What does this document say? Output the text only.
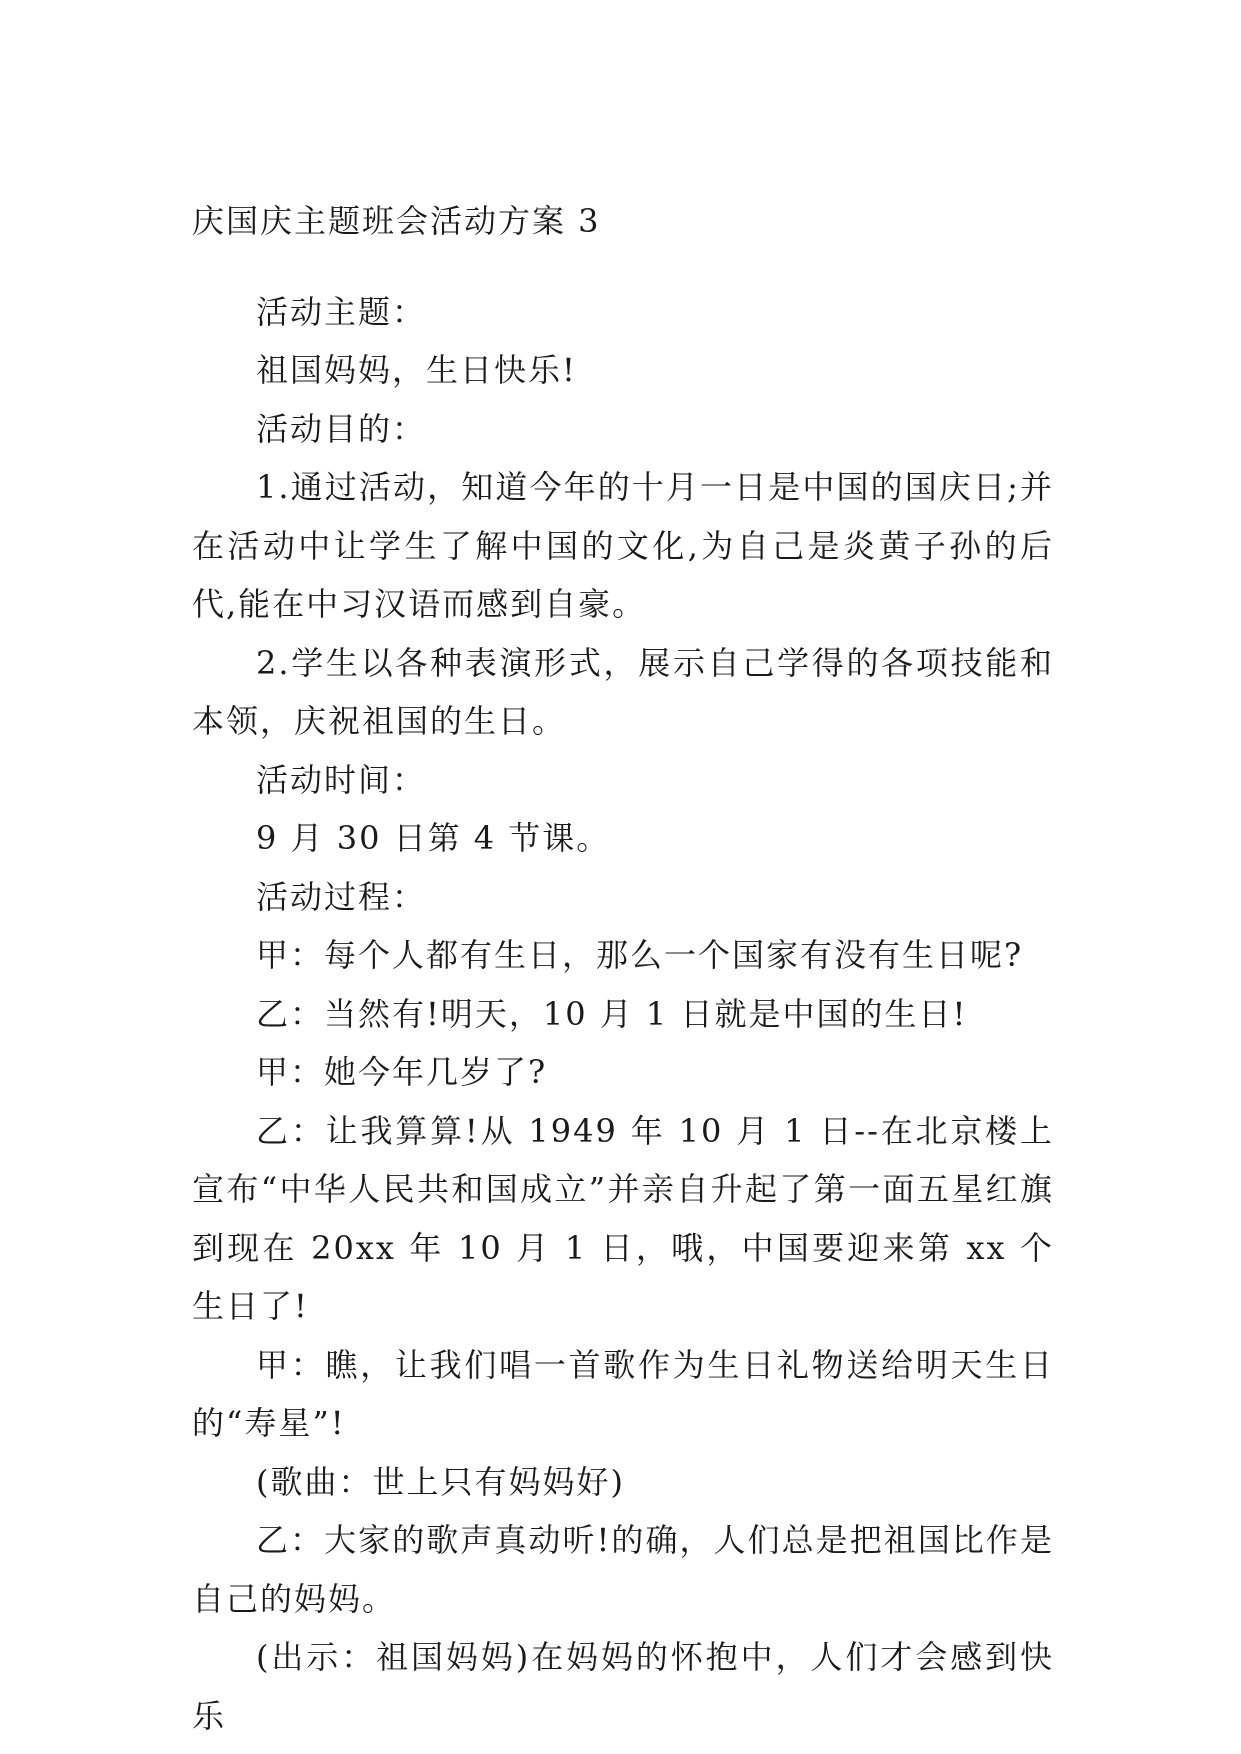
庆国庆主题班会活动方案 3

活动主题：

祖国妈妈，生日快乐!

活动目的：

1.通过活动，知道今年的十月一日是中国的国庆日;并在活动中让学生了解中国的文化,为自己是炎黄子孙的后代,能在中习汉语而感到自豪。

2.学生以各种表演形式，展示自己学得的各项技能和本领，庆祝祖国的生日。

活动时间：

9 月 30 日第 4 节课。

活动过程：

甲：每个人都有生日，那么一个国家有没有生日呢?

乙：当然有!明天，10 月 1 日就是中国的生日!

甲：她今年几岁了?

乙：让我算算!从 1949 年 10 月 1 日--在北京楼上宣布“中华人民共和国成立”并亲自升起了第一面五星红旗到现在 20xx 年 10 月 1 日，哦，中国要迎来第 xx 个生日了!

甲：瞧，让我们唱一首歌作为生日礼物送给明天生日的“寿星”!

(歌曲：世上只有妈妈好)

乙：大家的歌声真动听!的确，人们总是把祖国比作是自己的妈妈。

(出示：祖国妈妈)在妈妈的怀抱中，人们才会感到快乐
